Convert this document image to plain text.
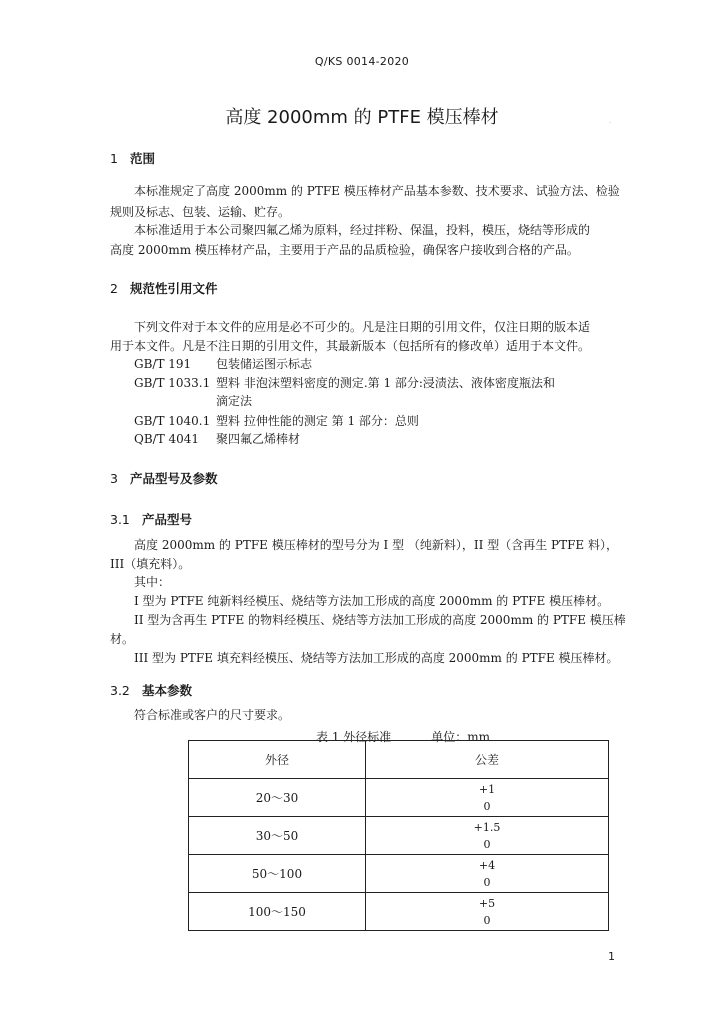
Q/KS 0014-2020
高度 2000mm 的 PTFE 模压棒材	.
1 范围
本标准规定了高度 2000mm 的 PTFE 模压棒材产品基本参数、技术要求、试验方法、检验
规则及标志、包装、运输、贮存。
本标准适用于本公司聚四氟乙烯为原料，经过拌粉、保温，投料，模压，烧结等形成的
高度 2000mm 模压棒材产品，主要用于产品的品质检验，确保客户接收到合格的产品。
2 规范性引用文件
下列文件对于本文件的应用是必不可少的。凡是注日期的引用文件，仅注日期的版本适
用于本文件。凡是不注日期的引用文件，其最新版本（包括所有的修改单）适用于本文件。
GB/T 191 包装储运图示标志
GB/T 1033.1 塑料 非泡沫塑料密度的测定.第 1 部分:浸渍法、液体密度瓶法和
滴定法
GB/T 1040.1 塑料 拉伸性能的测定 第 1 部分：总则
QB/T 4041 聚四氟乙烯棒材
3 产品型号及参数
3.1 产品型号
高度 2000mm 的 PTFE 模压棒材的型号分为 I 型 （纯新料），II 型（含再生 PTFE 料），
III（填充料）。
其中：
I 型为 PTFE 纯新料经模压、烧结等方法加工形成的高度 2000mm 的 PTFE 模压棒材。
II 型为含再生 PTFE 的物料经模压、烧结等方法加工形成的高度 2000mm 的 PTFE 模压棒
材。
III 型为 PTFE 填充料经模压、烧结等方法加工形成的高度 2000mm 的 PTFE 模压棒材。
3.2 基本参数
符合标准或客户的尺寸要求。
表 1 外径标准	单位：mm
外径	公差
20～30	+1
0

30～50	+1.5
0

50～100	+4
0

100～150	+5
0
1
